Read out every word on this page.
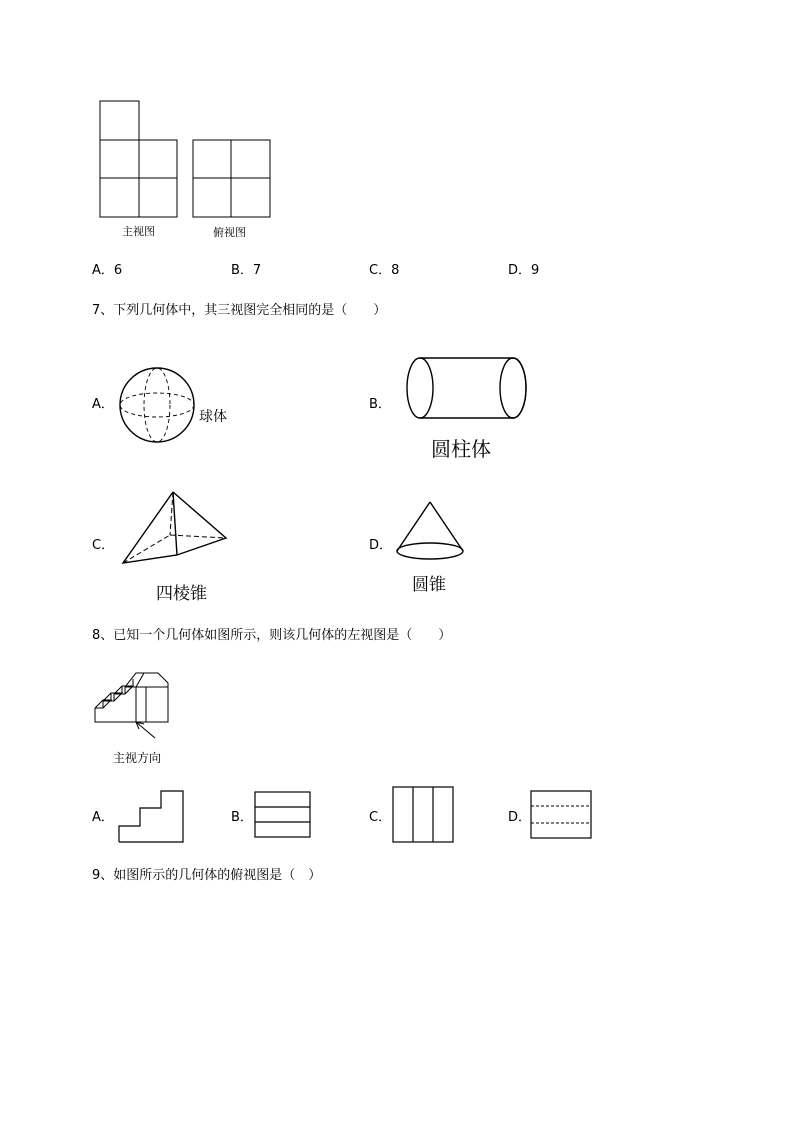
主视图	俯视图
A．6	B．7	C．8	D．9
7、下列几何体中，其三视图完全相同的是（　　）
A．
球体
B．
圆柱体
C．
四棱锥
D．
圆锥
8、已知一个几何体如图所示，则该几何体的左视图是（　　）
主视方向
A．	B．	C．	D．
9、如图所示的几何体的俯视图是（　）
